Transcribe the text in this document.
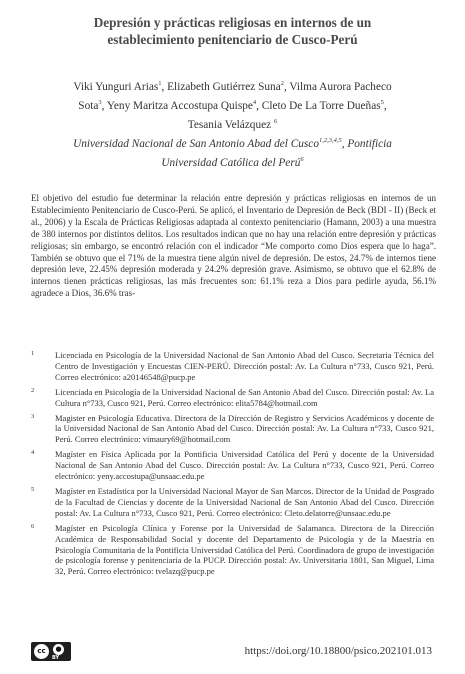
Depresión y prácticas religiosas en internos de un
establecimiento penitenciario de Cusco-Perú
Viki Yunguri Arias$^1$, Elizabeth Gutiérrez Suna$^2$, Vilma Aurora Pacheco
Sota$^3$, Yeny Maritza Accostupa Quispe$^4$, Cleto De La Torre Dueñas$^5$,
Tesania Velázquez $^6$
Universidad Nacional de San Antonio Abad del Cusco$^{1,2,3,4,5}$, Pontificia
Universidad Católica del Perú$^6$
El objetivo del estudio fue determinar la relación entre depresión y prácticas religiosas en internos de un Establecimiento Penitenciario de Cusco-Perú. Se aplicó, el Inventario de Depresión de Beck (BDI - II) (Beck et al., 2006) y la Escala de Prácticas Religiosas adaptada al contexto penitenciario (Hamann, 2003) a una muestra de 380 internos por distintos delitos. Los resultados indican que no hay una relación entre depresión y prácticas religiosas; sin embargo, se encontró relación con el indicador “Me comporto como Dios espera que lo haga”. También se obtuvo que el 71% de la muestra tiene algún nivel de depresión. De estos, 24.7% de internos tiene depresión leve, 22.45% depresión moderada y 24.2% depresión grave. Asimismo, se obtuvo que el 62.8% de internos tienen prácticas religiosas, las más frecuentes son: 61.1% reza a Dios para pedirle ayuda, 56.1% agradece a Dios, 36.6% tras-
1	Licenciada en Psicología de la Universidad Nacional de San Antonio Abad del Cusco. Secretaria Técnica del Centro de Investigación y Encuestas CIEN-PERÚ. Dirección postal: Av. La Cultura n°733, Cusco 921, Perú. Correo electrónico: a20146548@pucp.pe
2	Licenciada en Psicología de la Universidad Nacional de San Antonio Abad del Cusco. Dirección postal: Av. La Cultura n°733, Cusco 921, Perú. Correo electrónico: elita5784@hotmail.com
3	Magister en Psicología Educativa. Directora de la Dirección de Registro y Servicios Académicos y docente de la Universidad Nacional de San Antonio Abad del Cusco. Dirección postal: Av. La Cultura n°733, Cusco 921, Perú. Correo electrónico: vimaury69@hotmail.com
4	Magíster en Física Aplicada por la Pontificia Universidad Católica del Perú y docente de la Universidad Nacional de San Antonio Abad del Cusco. Dirección postal: Av. La Cultura n°733, Cusco 921, Perú. Correo electrónico: yeny.accostupa@unsaac.edu.pe
5	Magíster en Estadística por la Universidad Nacional Mayor de San Marcos. Director de la Unidad de Posgrado de la Facultad de Ciencias y docente de la Universidad Nacional de San Antonio Abad del Cusco. Dirección postal: Av. La Cultura n°733, Cusco 921, Perú. Correo electrónico: Cleto.delatorre@unsaac.edu.pe
6	Magíster en Psicología Clínica y Forense por la Universidad de Salamanca. Directora de la Dirección Académica de Responsabilidad Social y docente del Departamento de Psicología y de la Maestría en Psicología Comunitaria de la Pontificia Universidad Católica del Perú. Coordinadora de grupo de investigación de psicología forense y penitenciaria de la PUCP. Dirección postal: Av. Universitaria 1801, San Miguel, Lima 32, Perú. Correo electrónico: tvelazq@pucp.pe
cc	●
BY
https://doi.org/10.18800/psico.202101.013
